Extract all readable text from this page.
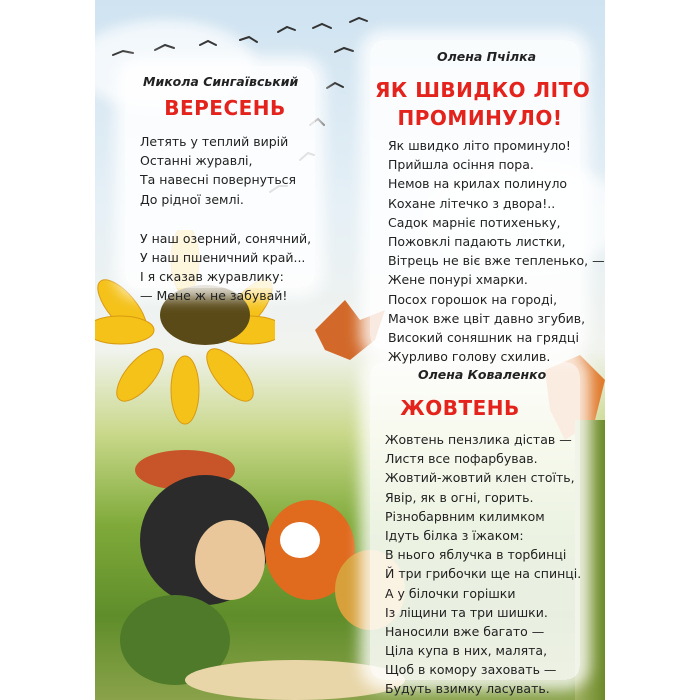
Микола Сингаївський
ВЕРЕСЕНЬ
Летять у теплий вирій
Останні журавлі,
Та навесні повернуться
До рідної землі.
У наш озерний, сонячний,
У наш пшеничний край...
І я сказав журавлику:
— Мене ж не забувай!
Олена Пчілка
ЯК ШВИДКО ЛІТО
ПРОМИНУЛО!
Як швидко літо проминуло!
Прийшла осіння пора.
Немов на крилах полинуло
Кохане літечко з двора!..
Садок марніє потихеньку,
Пожовклі падають листки,
Вітрець не віє вже тепленько, —
Жене понурі хмарки.
Посох горошок на городі,
Мачок вже цвіт давно згубив,
Високий соняшник на грядці
Журливо голову схилив.
Олена Коваленко
ЖОВТЕНЬ
Жовтень пензлика дістав —
Листя все пофарбував.
Жовтий-жовтий клен стоїть,
Явір, як в огні, горить.
Різнобарвним килимком
Ідуть білка з їжаком:
В нього яблучка в торбинці
Й три грибочки ще на спинці.
А у білочки горішки
Із ліщини та три шишки.
Наносили вже багато —
Ціла купа в них, малята,
Щоб в комору заховать —
Будуть взимку ласувать.
